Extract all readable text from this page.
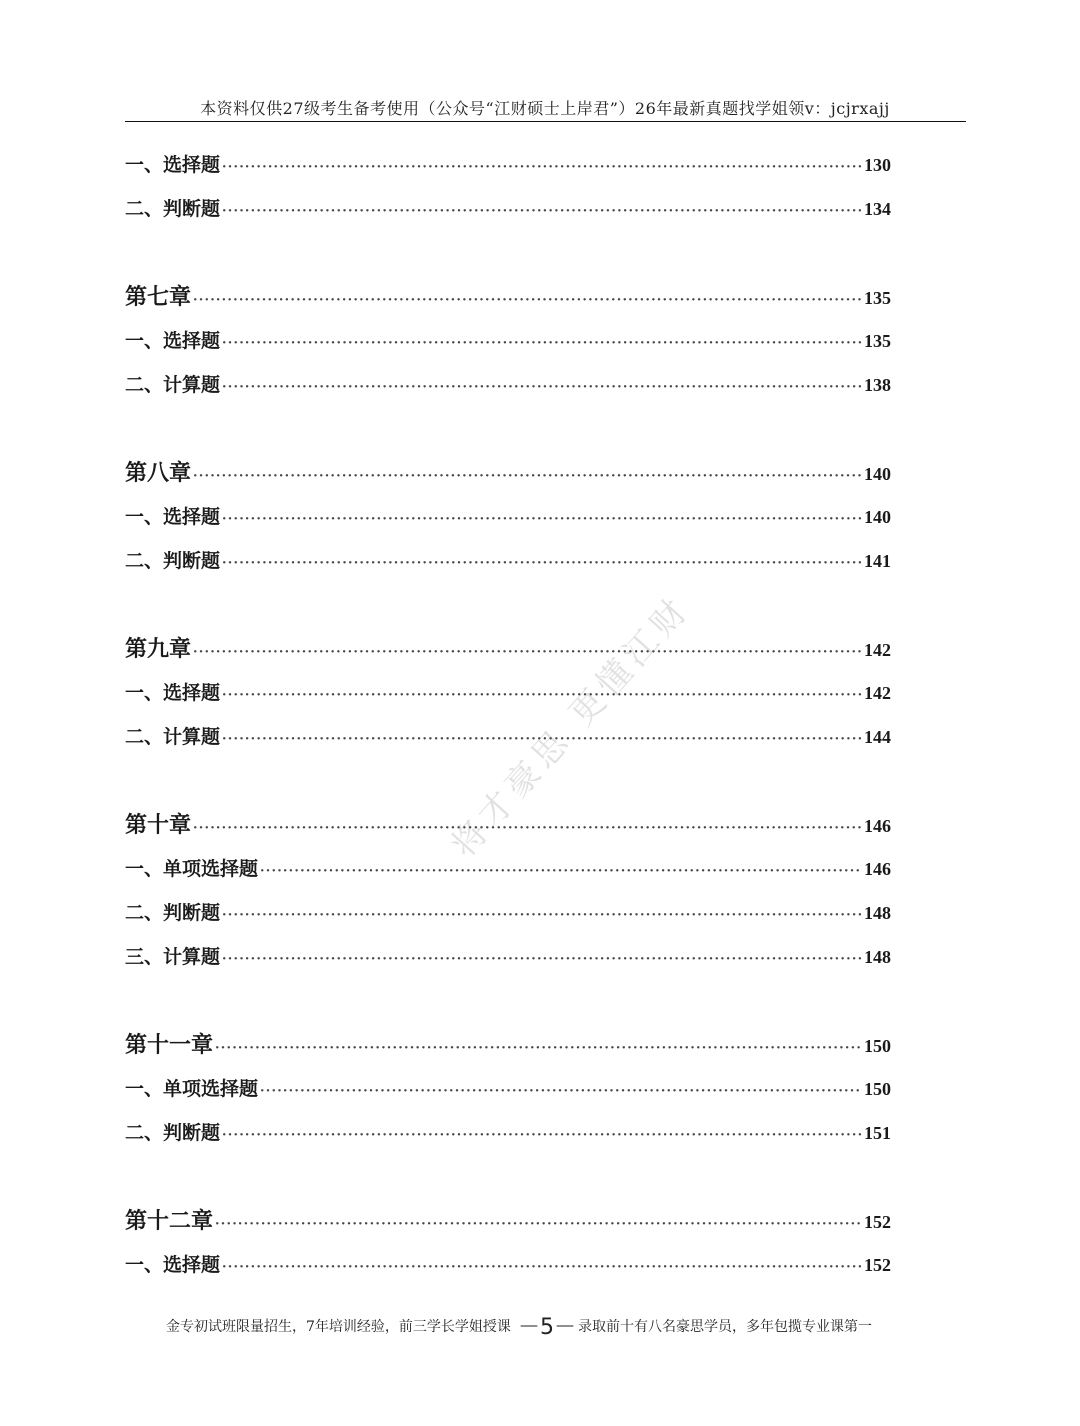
本资料仅供27级考生备考使用（公众号“江财硕士上岸君”）26年最新真题找学姐领v：jcjrxajj
一、选择题 ·····	130
二、判断题 ·····	134
第七章 ·····	135
一、选择题 ·····	135
二、计算题 ·····	138
第八章 ·····	140
一、选择题 ·····	140
二、判断题 ·····	141
第九章 ·····	142
一、选择题 ·····	142
二、计算题 ·····	144
第十章 ·····	146
一、单项选择题 ·····	146
二、判断题 ·····	148
三、计算题 ·····	148
第十一章 ·····	150
一、单项选择题 ·····	150
二、判断题 ·····	151
第十二章 ·····	152
一、选择题 ·····	152
将才豪思 更懂江财
金专初试班限量招生，7年培训经验，前三学长学姐授课 －5－ 录取前十有八名豪思学员，多年包揽专业课第一
